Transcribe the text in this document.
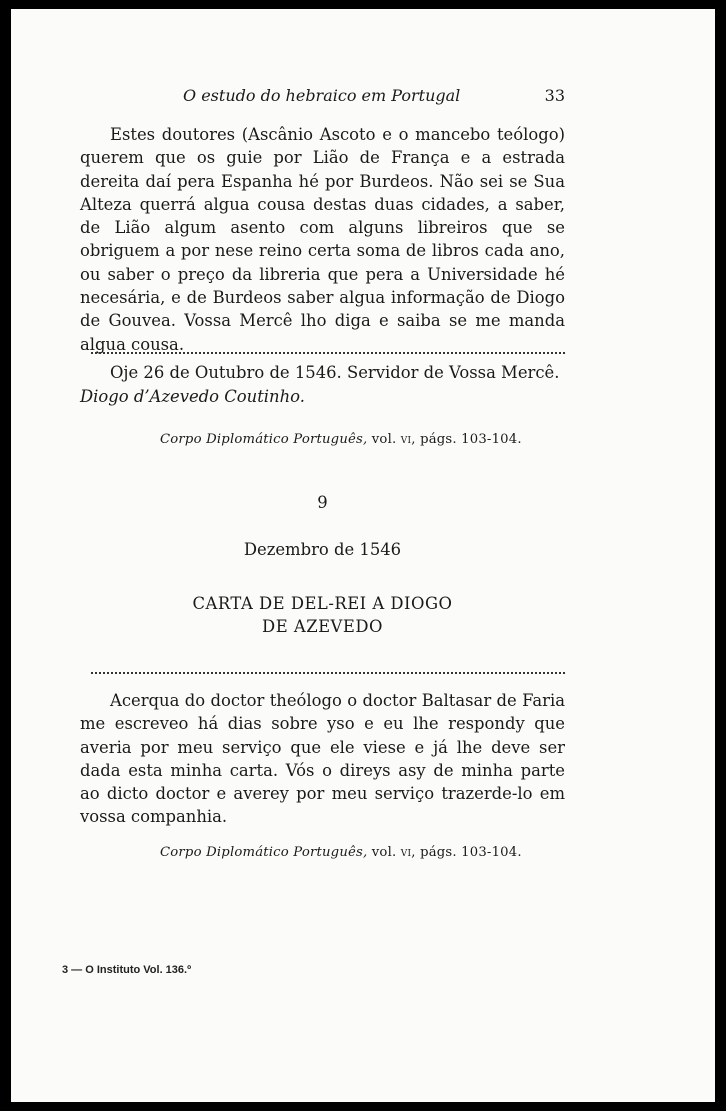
O estudo do hebraico em Portugal	33

Estes doutores (Ascânio Ascoto e o mancebo teólogo) querem que os guie por Lião de França e a estrada dereita daí pera Espanha hé por Burdeos. Não sei se Sua Alteza querrá algua cousa destas duas cidades, a saber, de Lião algum asento com alguns libreiros que se obriguem a por nese reino certa soma de libros cada ano, ou saber o preço da libreria que pera a Universidade hé necesária, e de Burdeos saber algua informação de Diogo de Gouvea. Vossa Mercê lho diga e saiba se me manda algua cousa.

Oje 26 de Outubro de 1546. Servidor de Vossa Mercê.
Diogo d’Azevedo Coutinho.
Corpo Diplomático Português, vol. vi, págs. 103-104.
9
Dezembro de 1546
CARTA DE DEL-REI A DIOGO
DE AZEVEDO

Acerqua do doctor theólogo o doctor Baltasar de Faria me escreveo há dias sobre yso e eu lhe respondy que averia por meu serviço que ele viese e já lhe deve ser dada esta minha carta. Vós o direys asy de minha parte ao dicto doctor e averey por meu serviço trazerde-lo em vossa companhia.

Corpo Diplomático Português, vol. vi, págs. 103-104.
3 — O Instituto Vol. 136.º
